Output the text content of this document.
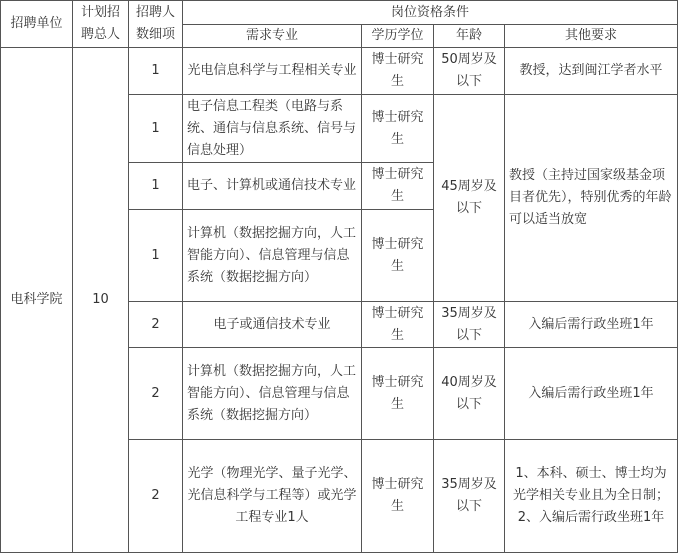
招聘单位	计划招聘总人	招聘人数细项	岗位资格条件			
			需求专业	学历学位	年龄	其他要求
电科学院	10	1	光电信息科学与工程相关专业	博士研究生	50周岁及以下	教授，达到闽江学者水平
		1	电子信息工程类（电路与系统、通信与信息系统、信号与信息处理）	博士研究生	45周岁及以下	教授（主持过国家级基金项目者优先），特别优秀的年龄可以适当放宽
		1	电子、计算机或通信技术专业	博士研究生		
		1	计算机（数据挖掘方向，人工智能方向）、信息管理与信息系统（数据挖掘方向）	博士研究生		
		2	电子或通信技术专业	博士研究生	35周岁及以下	入编后需行政坐班1年
		2	计算机（数据挖掘方向，人工智能方向）、信息管理与信息系统（数据挖掘方向）	博士研究生	40周岁及以下	入编后需行政坐班1年
		2	光学（物理光学、量子光学、光信息科学与工程等）或光学工程专业1人	博士研究生	35周岁及以下	1、本科、硕士、博士均为光学相关专业且为全日制；
2、入编后需行政坐班1年
